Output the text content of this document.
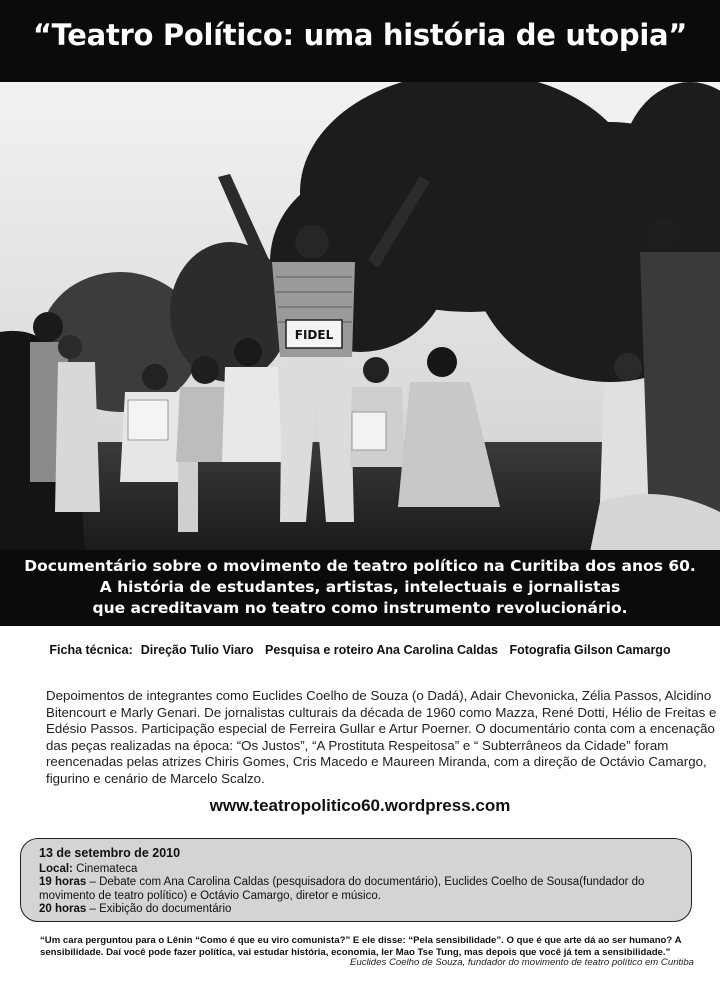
“Teatro Político: uma história de utopia”
FIDEL
Documentário sobre o movimento de teatro político na Curitiba dos anos 60.
A história de estudantes, artistas, intelectuais e jornalistas
que acreditavam no teatro como instrumento revolucionário.
Ficha técnica: Direção Tulio Viaro Pesquisa e roteiro Ana Carolina Caldas Fotografia Gilson Camargo
Depoimentos de integrantes como Euclides Coelho de Souza (o Dadá), Adair Chevonicka, Zélia Passos, Alcidino
Bitencourt e Marly Genari. De jornalistas culturais da década de 1960 como Mazza, René Dotti, Hélio de Freitas e
Edésio Passos. Participação especial de Ferreira Gullar e Artur Poerner. O documentário conta com a encenação
das peças realizadas na época: “Os Justos”, “A Prostituta Respeitosa” e “ Subterrâneos da Cidade” foram
reencenadas pelas atrizes Chiris Gomes, Cris Macedo e Maureen Miranda, com a direção de Octávio Camargo,
figurino e cenário de Marcelo Scalzo.
www.teatropolitico60.wordpress.com
13 de setembro de 2010
Local: Cinemateca
19 horas – Debate com Ana Carolina Caldas (pesquisadora do documentário), Euclides Coelho de Sousa(fundador do
movimento de teatro político) e Octávio Camargo, diretor e músico.
20 horas – Exibição do documentário
“Um cara perguntou para o Lênin “Como é que eu viro comunista?” E ele disse: “Pela sensibilidade”. O que é que arte dá ao ser humano? A
sensibilidade. Daí você pode fazer política, vai estudar história, economia, ler Mao Tse Tung, mas depois que você já tem a sensibilidade.”
Euclides Coelho de Souza, fundador do movimento de teatro político em Curitiba
